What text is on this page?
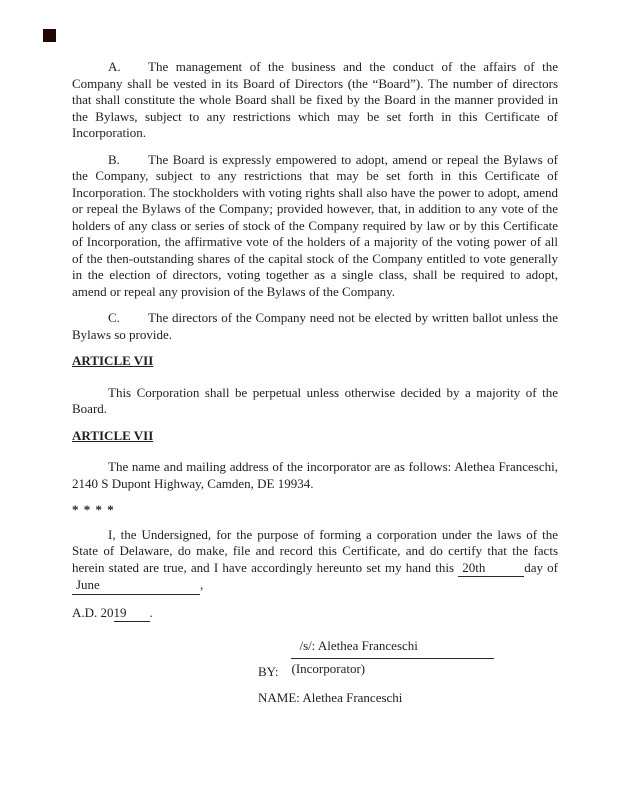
A. The management of the business and the conduct of the affairs of the Company shall be vested in its Board of Directors (the “Board”). The number of directors that shall constitute the whole Board shall be fixed by the Board in the manner provided in the Bylaws, subject to any restrictions which may be set forth in this Certificate of Incorporation.

B. The Board is expressly empowered to adopt, amend or repeal the Bylaws of the Company, subject to any restrictions that may be set forth in this Certificate of Incorporation. The stockholders with voting rights shall also have the power to adopt, amend or repeal the Bylaws of the Company; provided however, that, in addition to any vote of the holders of any class or series of stock of the Company required by law or by this Certificate of Incorporation, the affirmative vote of the holders of a majority of the voting power of all of the then-outstanding shares of the capital stock of the Company entitled to vote generally in the election of directors, voting together as a single class, shall be required to adopt, amend or repeal any provision of the Bylaws of the Company.

C. The directors of the Company need not be elected by written ballot unless the Bylaws so provide.

ARTICLE VII

This Corporation shall be perpetual unless otherwise decided by a majority of the Board.

ARTICLE VII

The name and mailing address of the incorporator are as follows: Alethea Franceschi, 2140 S Dupont Highway, Camden, DE 19934.

* * * *

I, the Undersigned, for the purpose of forming a corporation under the laws of the State of Delaware, do make, file and record this Certificate, and do certify that the facts herein stated are true, and I have accordingly hereunto set my hand this 20th	day of June	,

A.D. 2019 .

BY:
/s/: Alethea Franceschi
(Incorporator)
NAME: Alethea Franceschi
